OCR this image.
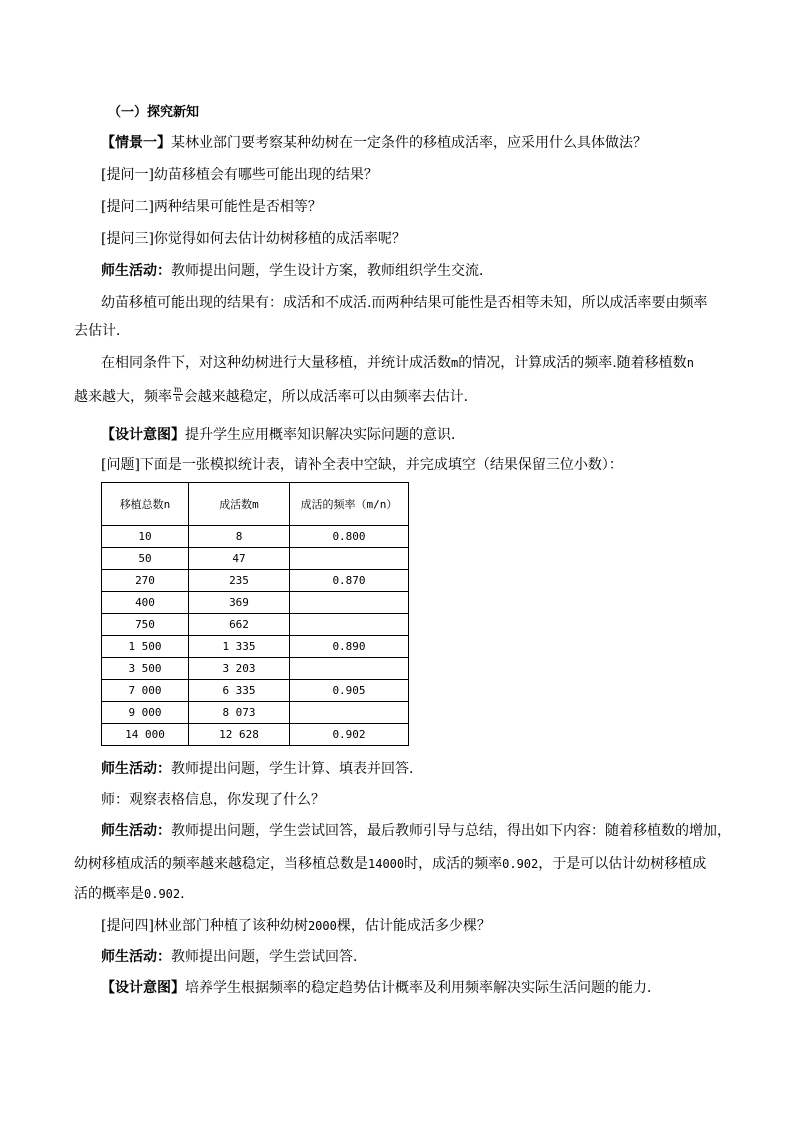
（一）探究新知
【情景一】某林业部门要考察某种幼树在一定条件的移植成活率，应采用什么具体做法？
[提问一]幼苗移植会有哪些可能出现的结果？
[提问二]两种结果可能性是否相等？
[提问三]你觉得如何去估计幼树移植的成活率呢？
师生活动：教师提出问题，学生设计方案，教师组织学生交流．
幼苗移植可能出现的结果有：成活和不成活.而两种结果可能性是否相等未知，所以成活率要由频率
去估计．
在相同条件下，对这种幼树进行大量移植，并统计成活数m的情况，计算成活的频率.随着移植数n
越来越大，频率 $\frac{m}{n}$ 会越来越稳定，所以成活率可以由频率去估计．
【设计意图】提升学生应用概率知识解决实际问题的意识．
[问题]下面是一张模拟统计表，请补全表中空缺，并完成填空（结果保留三位小数）：
移植总数n	成活数m	成活的频率（m/n）
10	8	0.800
50	47	
270	235	0.870
400	369	
750	662	
1 500	1 335	0.890
3 500	3 203	
7 000	6 335	0.905
9 000	8 073	
14 000	12 628	0.902
师生活动：教师提出问题，学生计算、填表并回答．
师：观察表格信息，你发现了什么？
师生活动：教师提出问题，学生尝试回答，最后教师引导与总结，得出如下内容：随着移植数的增加，
幼树移植成活的频率越来越稳定，当移植总数是14000时，成活的频率0.902，于是可以估计幼树移植成
活的概率是0.902.
[提问四]林业部门种植了该种幼树2000棵，估计能成活多少棵？
师生活动：教师提出问题，学生尝试回答．
【设计意图】培养学生根据频率的稳定趋势估计概率及利用频率解决实际生活问题的能力．
